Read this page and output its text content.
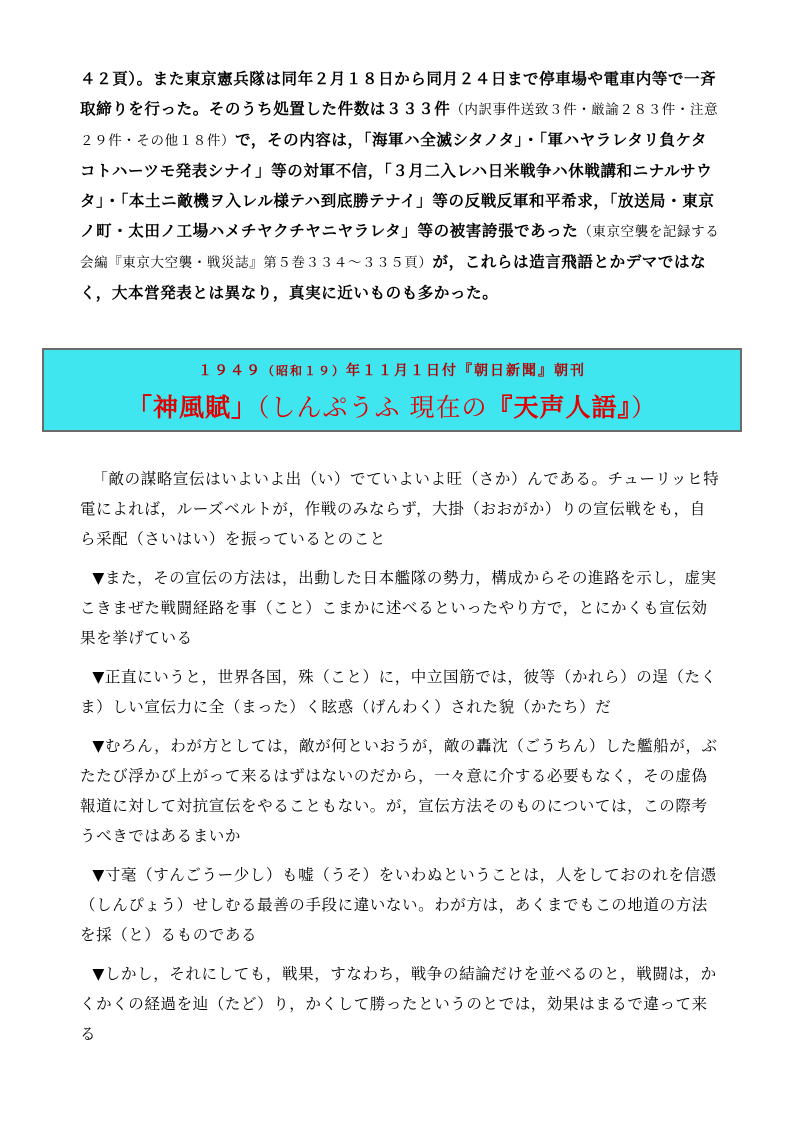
４２頁）。また東京憲兵隊は同年２月１８日から同月２４日まで停車場や電車内等で一斉取締りを行った。そのうち処置した件数は３３３件（内訳事件送致３件・厳諭２８３件・注意２９件・その他１８件）で，その内容は，「海軍ハ全滅シタノタ」・「軍ハヤラレタリ負ケタコトハーツモ発表シナイ」等の対軍不信，「３月二入レハ日米戦争ハ休戦講和ニナルサウタ」・「本土ニ敵機ヲ入レル様テハ到底勝テナイ」等の反戦反軍和平希求，「放送局・東京ノ町・太田ノ工場ハメチヤクチヤニヤラレタ」等の被害誇張であった（東京空襲を記録する会編『東京大空襲・戦災誌』第５巻３３４～３３５頁）が，これらは造言飛語とかデマではなく，大本営発表とは異なり，真実に近いものも多かった。
１９４９（昭和１９）年１１月１日付『朝日新聞』朝刊
「神風賦」（しんぷうふ 現在の『天声人語』）

「敵の謀略宣伝はいよいよ出（い）でていよいよ旺（さか）んである。チューリッヒ特電によれば，ルーズベルトが，作戦のみならず，大掛（おおがか）りの宣伝戦をも，自ら采配（さいはい）を振っているとのこと

▼また，その宣伝の方法は，出動した日本艦隊の勢力，構成からその進路を示し，虚実こきまぜた戦闘経路を事（こと）こまかに述べるといったやり方で，とにかくも宣伝効果を挙げている

▼正直にいうと，世界各国，殊（こと）に，中立国筋では，彼等（かれら）の逞（たくま）しい宣伝力に全（まった）く眩惑（げんわく）された貌（かたち）だ

▼むろん，わが方としては，敵が何といおうが，敵の轟沈（ごうちん）した艦船が，ぶたたび浮かび上がって来るはずはないのだから，一々意に介する必要もなく，その虚偽報道に対して対抗宣伝をやることもない。が，宣伝方法そのものについては，この際考うべきではあるまいか

▼寸毫（すんごうー少し）も嘘（うそ）をいわぬということは，人をしておのれを信憑（しんぴょう）せしむる最善の手段に違いない。わが方は，あくまでもこの地道の方法を採（と）るものである

▼しかし，それにしても，戦果，すなわち，戦争の結論だけを並べるのと，戦闘は，かくかくの経過を辿（たど）り，かくして勝ったというのとでは，効果はまるで違って来る
